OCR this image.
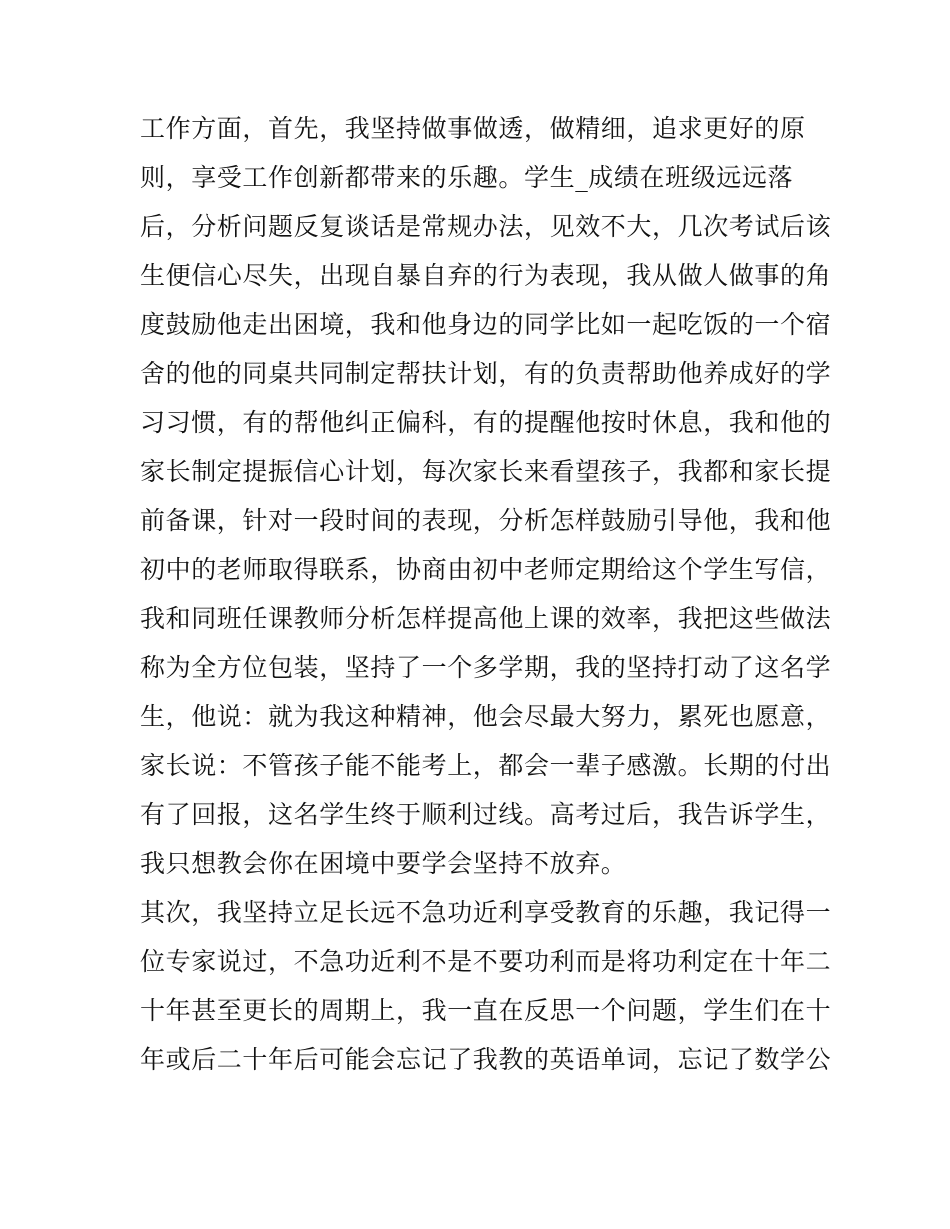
工作方面，首先，我坚持做事做透，做精细，追求更好的原
则，享受工作创新都带来的乐趣。学生_成绩在班级远远落
后，分析问题反复谈话是常规办法，见效不大，几次考试后该
生便信心尽失，出现自暴自弃的行为表现，我从做人做事的角
度鼓励他走出困境，我和他身边的同学比如一起吃饭的一个宿
舍的他的同桌共同制定帮扶计划，有的负责帮助他养成好的学
习习惯，有的帮他纠正偏科，有的提醒他按时休息，我和他的
家长制定提振信心计划，每次家长来看望孩子，我都和家长提
前备课，针对一段时间的表现，分析怎样鼓励引导他，我和他
初中的老师取得联系，协商由初中老师定期给这个学生写信，
我和同班任课教师分析怎样提高他上课的效率，我把这些做法
称为全方位包装，坚持了一个多学期，我的坚持打动了这名学
生，他说：就为我这种精神，他会尽最大努力，累死也愿意，
家长说：不管孩子能不能考上，都会一辈子感激。长期的付出
有了回报，这名学生终于顺利过线。高考过后，我告诉学生，
我只想教会你在困境中要学会坚持不放弃。
其次，我坚持立足长远不急功近利享受教育的乐趣，我记得一
位专家说过，不急功近利不是不要功利而是将功利定在十年二
十年甚至更长的周期上，我一直在反思一个问题，学生们在十
年或后二十年后可能会忘记了我教的英语单词，忘记了数学公
